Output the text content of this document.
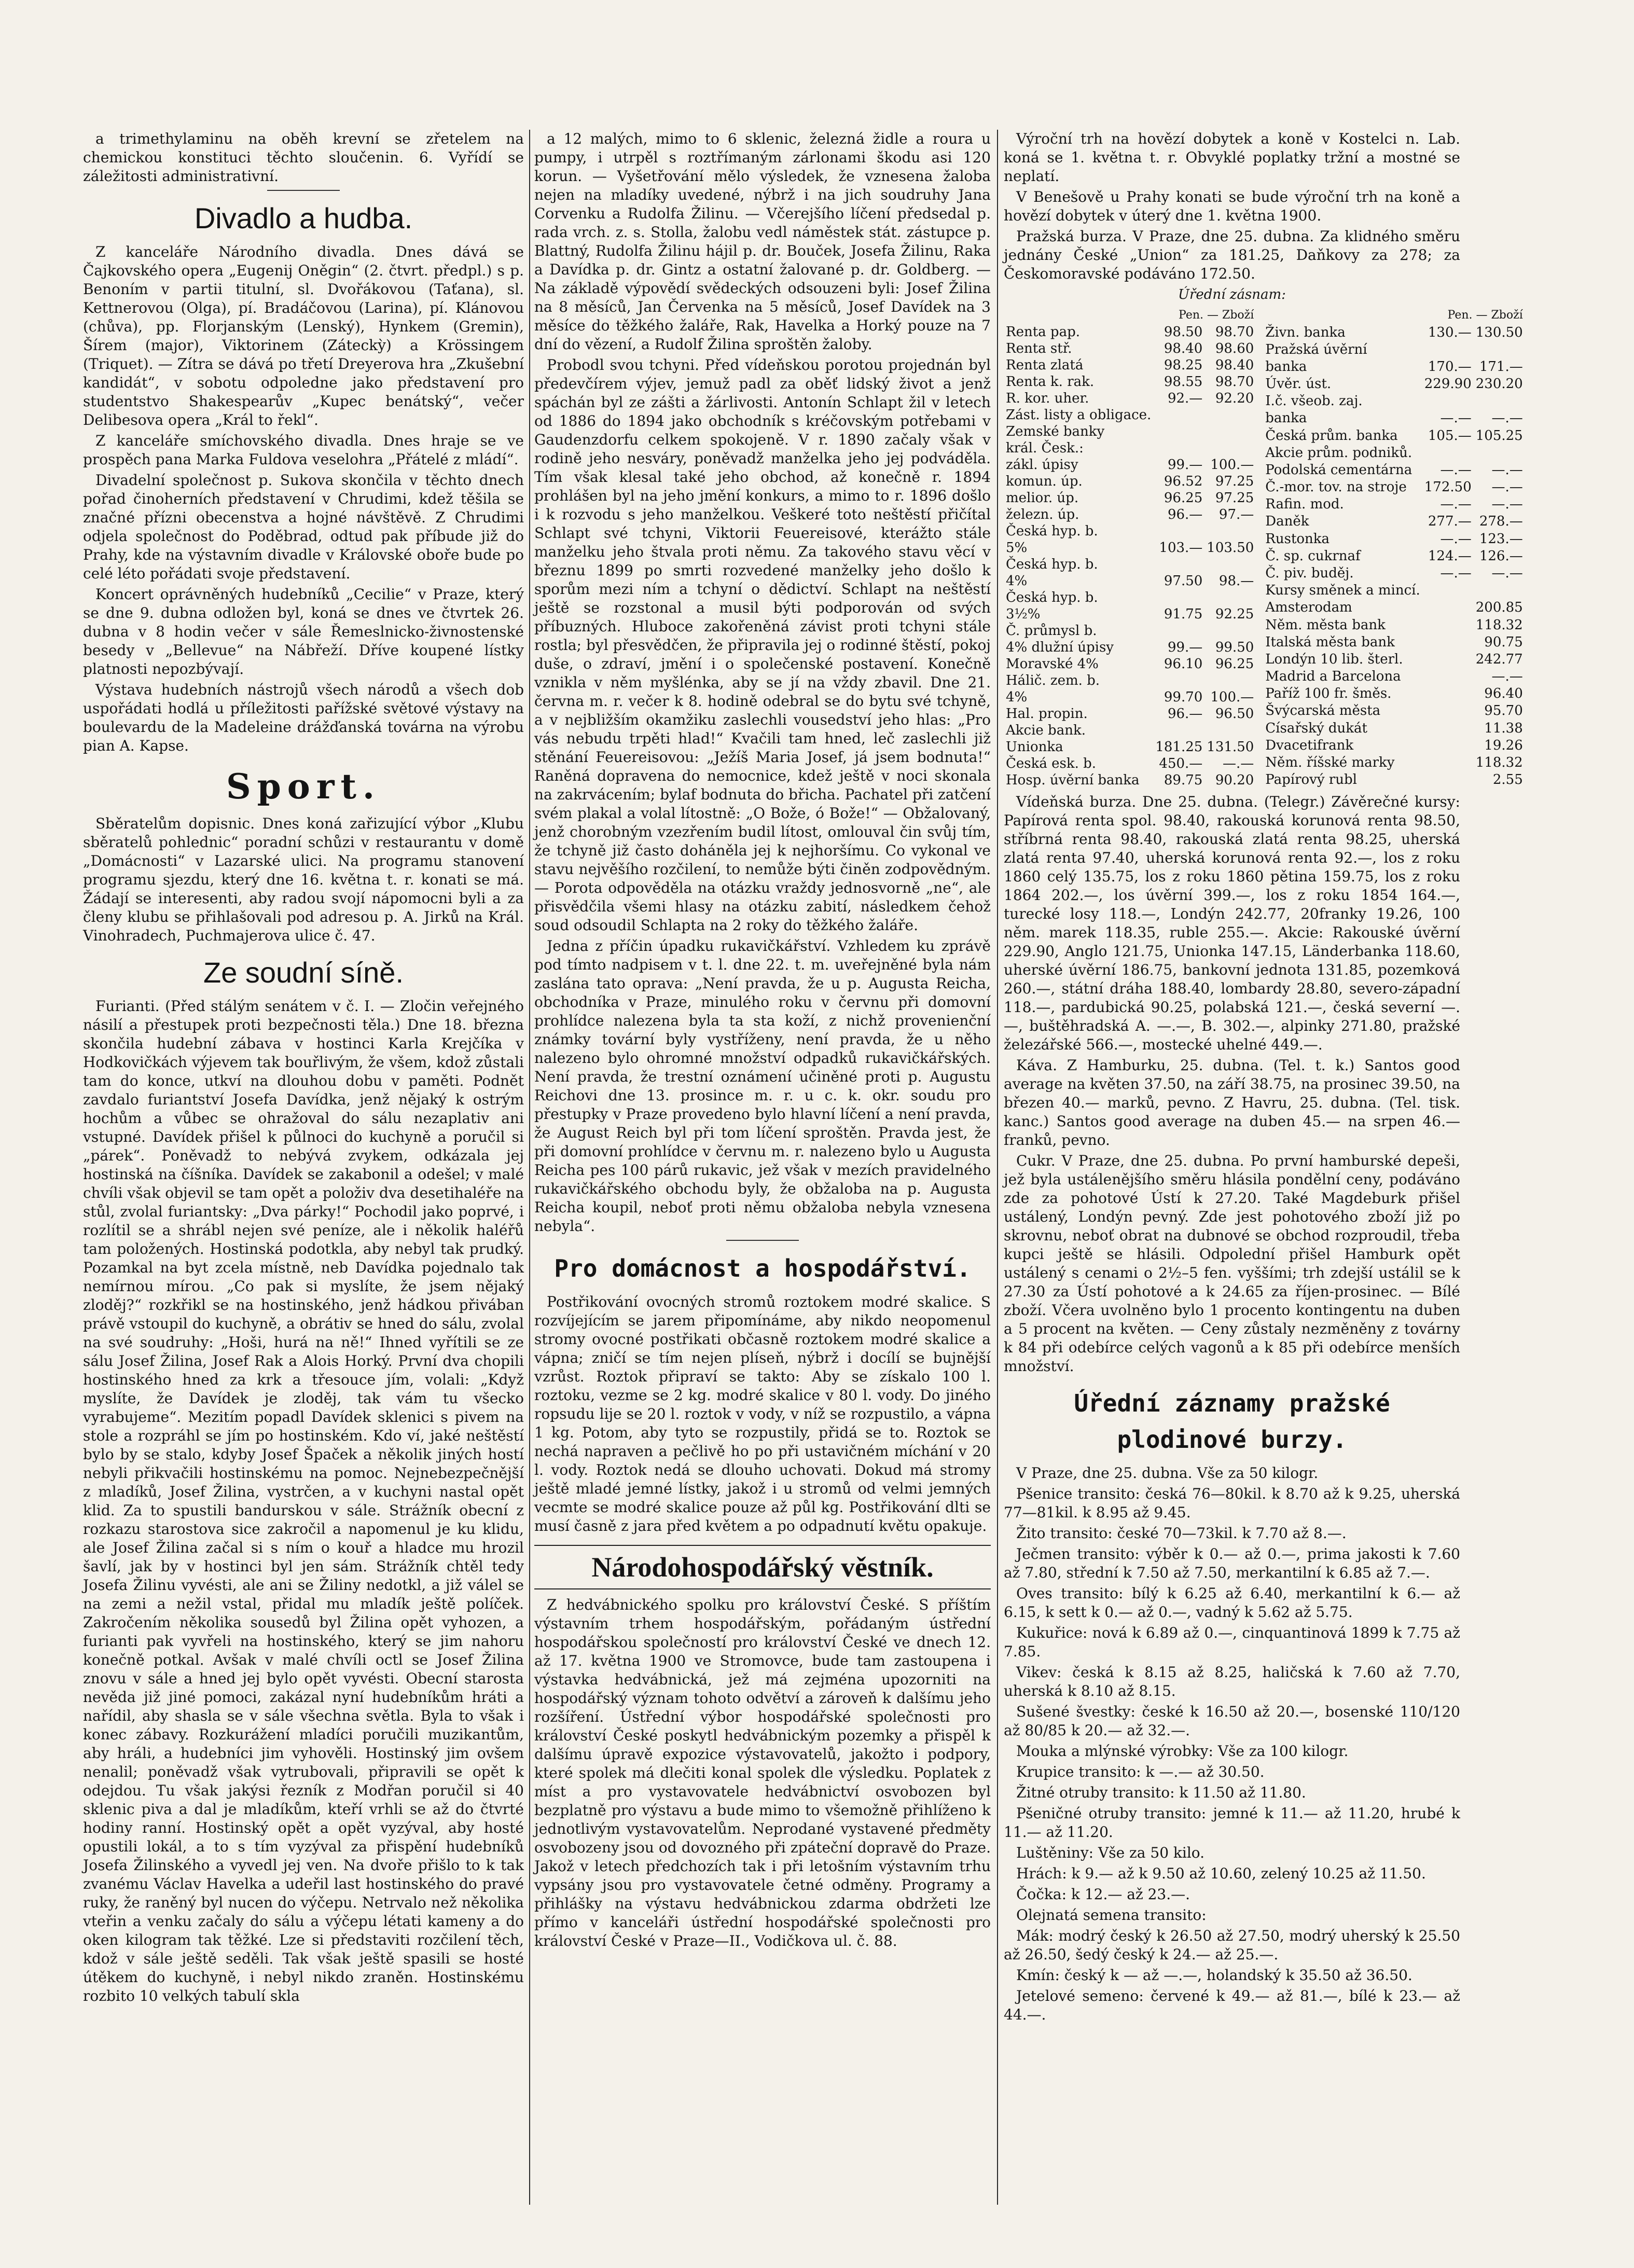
a trimethylaminu na oběh krevní se zřetelem na chemickou konstituci těchto sloučenin. 6. Vyřídí se záležitosti administrativní.

Divadlo a hudba.

Z kanceláře Národního divadla. Dnes dává se Čajkovského opera „Eugenij Oněgin“ (2. čtvrt. předpl.) s p. Benoním v partii titulní, sl. Dvořákovou (Taťana), sl. Kettnerovou (Olga), pí. Bradáčovou (Larina), pí. Klánovou (chůva), pp. Florjanským (Lenský), Hynkem (Gremin), Šírem (major), Viktorinem (Záteckỳ) a Krössingem (Triquet). — Zítra se dává po třetí Dreyerova hra „Zkušební kandidát“, v sobotu odpoledne jako představení pro studentstvo Shakespearův „Kupec benátský“, večer Delibesova opera „Král to řekl“.

Z kanceláře smíchovského divadla. Dnes hraje se ve prospěch pana Marka Fuldova veselohra „Přátelé z mládí“.

Divadelní společnost p. Sukova skončila v těchto dnech pořad činoherních představení v Chrudimi, kdež těšila se značné přízni obecenstva a hojné návštěvě. Z Chrudimi odjela společnost do Poděbrad, odtud pak příbude již do Prahy, kde na výstavním divadle v Královské oboře bude po celé léto pořádati svoje představení.

Koncert oprávněných hudebníků „Cecilie“ v Praze, který se dne 9. dubna odložen byl, koná se dnes ve čtvrtek 26. dubna v 8 hodin večer v sále Řemeslnicko-živnostenské besedy v „Bellevue“ na Nábřeží. Dříve koupené lístky platnosti nepozbývají.

Výstava hudebních nástrojů všech národů a všech dob uspořádati hodlá u příležitosti pařížské světové výstavy na boulevardu de la Madeleine drážďanská továrna na výrobu pian A. Kapse.

Sport.

Sběratelům dopisnic. Dnes koná zařizující výbor „Klubu sběratelů pohlednic“ poradní schůzi v restaurantu v domě „Domácnosti“ v Lazarské ulici. Na programu stanovení programu sjezdu, který dne 16. května t. r. konati se má. Žádají se interesenti, aby radou svojí nápomocni byli a za členy klubu se přihlašovali pod adresou p. A. Jirků na Král. Vinohradech, Puchmajerova ulice č. 47.

Ze soudní síně.

Furianti. (Před stálým senátem v č. I. — Zločin veřejného násilí a přestupek proti bezpečnosti těla.) Dne 18. března skončila hudební zábava v hostinci Karla Krejčíka v Hodkovičkách výjevem tak bouřlivým, že všem, kdož zůstali tam do konce, utkví na dlouhou dobu v paměti. Podnět zavdalo furiantství Josefa Davídka, jenž nějaký k ostrým hochům a vůbec se ohražoval do sálu nezaplativ ani vstupné. Davídek přišel k půlnoci do kuchyně a poručil si „párek“. Poněvadž to nebývá zvykem, odkázala jej hostinská na číšníka. Davídek se zakabonil a odešel; v malé chvíli však objevil se tam opět a položiv dva desetihaléře na stůl, zvolal furiantsky: „Dva párky!“ Pochodil jako poprvé, i rozlítil se a shrábl nejen své peníze, ale i několik haléřů tam položených. Hostinská podotkla, aby nebyl tak prudký. Pozamkal na byt zcela místně, neb Davídka pojednalo tak nemírnou mírou. „Co pak si myslíte, že jsem nějaký zloděj?“ rozkřikl se na hostinského, jenž hádkou přivában právě vstoupil do kuchyně, a obrátiv se hned do sálu, zvolal na své soudruhy: „Hoši, hurá na ně!“ Ihned vyřítili se ze sálu Josef Žilina, Josef Rak a Alois Horký. První dva chopili hostinského hned za krk a třesouce jím, volali: „Když myslíte, že Davídek je zloděj, tak vám tu všecko vyrabujeme“. Mezitím popadl Davídek sklenici s pivem na stole a rozpráhl se jím po hostinském. Kdo ví, jaké neštěstí bylo by se stalo, kdyby Josef Špaček a několik jiných hostí nebyli přikvačili hostinskému na pomoc. Nejnebezpečnější z mladíků, Josef Žilina, vystrčen, a v kuchyni nastal opět klid. Za to spustili bandurskou v sále. Strážník obecní z rozkazu starostova sice zakročil a napomenul je ku klidu, ale Josef Žilina začal si s ním o kouř a hladce mu hrozil šavlí, jak by v hostinci byl jen sám. Strážník chtěl tedy Josefa Žilinu vyvésti, ale ani se Žiliny nedotkl, a již válel se na zemi a nežil vstal, přidal mu mladík ještě políček. Zakročením několika sousedů byl Žilina opět vyhozen, a furianti pak vyvřeli na hostinského, který se jim nahoru konečně potkal. Avšak v malé chvíli octl se Josef Žilina znovu v sále a hned jej bylo opět vyvésti. Obecní starosta nevěda již jiné pomoci, zakázal nyní hudebníkům hráti a nařídil, aby shasla se v sále všechna světla. Byla to však i konec zábavy. Rozkurážení mladíci poručili muzikantům, aby hráli, a hudebníci jim vyhověli. Hostinský jim ovšem nenalil; poněvadž však vytrubovali, připravili se opět k odejdou. Tu však jakýsi řezník z Modřan poručil si 40 sklenic piva a dal je mladíkům, kteří vrhli se až do čtvrté hodiny ranní. Hostinský opět a opět vyzýval, aby hosté opustili lokál, a to s tím vyzýval za přispění hudebníků Josefa Žilinského a vyvedl jej ven. Na dvoře přišlo to k tak zvanému Václav Havelka a udeřil last hostinského do pravé ruky, že raněný byl nucen do výčepu. Netrvalo než několika vteřin a venku začaly do sálu a výčepu létati kameny a do oken kilogram tak těžké. Lze si představiti rozčilení těch, kdož v sále ještě seděli. Tak však ještě spasili se hosté útěkem do kuchyně, i nebyl nikdo zraněn. Hostinskému rozbito 10 velkých tabulí skla

a 12 malých, mimo to 6 sklenic, železná židle a roura u pumpy, i utrpěl s roztřímaným zárlonami škodu asi 120 korun. — Vyšetřování mělo výsledek, že vznesena žaloba nejen na mladíky uvedené, nýbrž i na jich soudruhy Jana Corvenku a Rudolfa Žilinu. — Včerejšího líčení předsedal p. rada vrch. z. s. Stolla, žalobu vedl náměstek stát. zástupce p. Blattný, Rudolfa Žilinu hájil p. dr. Bouček, Josefa Žilinu, Raka a Davídka p. dr. Gintz a ostatní žalované p. dr. Goldberg. — Na základě výpovědí svědeckých odsouzeni byli: Josef Žilina na 8 měsíců, Jan Červenka na 5 měsíců, Josef Davídek na 3 měsíce do těžkého žaláře, Rak, Havelka a Horký pouze na 7 dní do vězení, a Rudolf Žilina sproštěn žaloby.

Probodl svou tchyni. Před vídeňskou porotou projednán byl předevčírem výjev, jemuž padl za oběť lidský život a jenž spáchán byl ze zášti a žárlivosti. Antonín Schlapt žil v letech od 1886 do 1894 jako obchodník s kréčovským potřebami v Gaudenzdorfu celkem spokojeně. V r. 1890 začaly však v rodině jeho nesváry, poněvadž manželka jeho jej podváděla. Tím však klesal také jeho obchod, až konečně r. 1894 prohlášen byl na jeho jmění konkurs, a mimo to r. 1896 došlo i k rozvodu s jeho manželkou. Veškeré toto neštěstí přičítal Schlapt své tchyni, Viktorii Feuereisové, kterážto stále manželku jeho štvala proti němu. Za takového stavu věcí v březnu 1899 po smrti rozvedené manželky jeho došlo k sporům mezi ním a tchyní o dědictví. Schlapt na neštěstí ještě se rozstonal a musil býti podporován od svých příbuzných. Hluboce zakořeněná závist proti tchyni stále rostla; byl přesvědčen, že připravila jej o rodinné štěstí, pokoj duše, o zdraví, jmění i o společenské postavení. Konečně vznikla v něm myšlénka, aby se jí na vždy zbavil. Dne 21. června m. r. večer k 8. hodině odebral se do bytu své tchyně, a v nejbližším okamžiku zaslechli vousedství jeho hlas: „Pro vás nebudu trpěti hlad!“ Kvačili tam hned, leč zaslechli již stěnání Feuereisovou: „Ježíš Maria Josef, já jsem bodnuta!“ Raněná dopravena do nemocnice, kdež ještě v noci skonala na zakrvácením; bylaf bodnuta do břicha. Pachatel při zatčení svém plakal a volal lítostně: „O Bože, ó Bože!“ — Obžalovaný, jenž chorobným vzezřením budil lítost, omlouval čin svůj tím, že tchyně již často doháněla jej k nejhoršímu. Co vykonal ve stavu nejvěšího rozčilení, to nemůže býti činěn zodpovědným. — Porota odpověděla na otázku vraždy jednosvorně „ne“, ale přisvědčila všemi hlasy na otázku zabití, následkem čehož soud odsoudil Schlapta na 2 roky do těžkého žaláře.

Jedna z příčin úpadku rukavičkářství. Vzhledem ku zprávě pod tímto nadpisem v t. l. dne 22. t. m. uveřejněné byla nám zaslána tato oprava: „Není pravda, že u p. Augusta Reicha, obchodníka v Praze, minulého roku v červnu při domovní prohlídce nalezena byla ta sta koží, z nichž provenienční známky tovární byly vystříženy, není pravda, že u něho nalezeno bylo ohromné množství odpadků rukavičkářských. Není pravda, že trestní oznámení učiněné proti p. Augustu Reichovi dne 13. prosince m. r. u c. k. okr. soudu pro přestupky v Praze provedeno bylo hlavní líčení a není pravda, že August Reich byl při tom líčení sproštěn. Pravda jest, že při domovní prohlídce v červnu m. r. nalezeno bylo u Augusta Reicha pes 100 párů rukavic, jež však v mezích pravidelného rukavičkářského obchodu byly, že obžaloba na p. Augusta Reicha koupil, neboť proti němu obžaloba nebyla vznesena nebyla“.

Pro domácnost a hospodářství.

Postřikování ovocných stromů roztokem modré skalice. S rozvíjejícím se jarem připomínáme, aby nikdo neopomenul stromy ovocné postřikati občasně roztokem modré skalice a vápna; zničí se tím nejen plíseň, nýbrž i docílí se bujnější vzrůst. Roztok připraví se takto: Aby se získalo 100 l. roztoku, vezme se 2 kg. modré skalice v 80 l. vody. Do jiného ropsudu lije se 20 l. roztok v vody, v níž se rozpustilo, a vápna 1 kg. Potom, aby tyto se rozpustily, přidá se to. Roztok se nechá napraven a pečlivě ho po při ustavičném míchání v 20 l. vody. Roztok nedá se dlouho uchovati. Dokud má stromy ještě mladé jemné lístky, jakož i u stromů od velmi jemných vecmte se modré skalice pouze až půl kg. Postřikování dlti se musí časně z jara před květem a po odpadnutí květu opakuje.

Národohospodářský věstník.

Z hedvábnického spolku pro království České. S příštím výstavním trhem hospodářským, pořádaným ústřední hospodářskou společností pro království České ve dnech 12. až 17. května 1900 ve Stromovce, bude tam zastoupena i výstavka hedvábnická, jež má zejména upozorniti na hospodářský význam tohoto odvětví a zároveň k dalšímu jeho rozšíření. Ústřední výbor hospodářské společnosti pro království České poskytl hedvábnickým pozemky a přispěl k dalšímu úpravě expozice výstavovatelů, jakožto i podpory, které spolek má dlečiti konal spolek dle výsledku. Poplatek z míst a pro vystavovatele hedvábnictví osvobozen byl bezplatně pro výstavu a bude mimo to všemožně přihlíženo k jednotlivým vystavovatelům. Neprodané vystavené předměty osvobozeny jsou od dovozného při zpáteční dopravě do Praze. Jakož v letech předchozích tak i při letošním výstavním trhu vypsány jsou pro vystavovatele četné odměny. Programy a přihlášky na výstavu hedvábnickou zdarma obdržeti lze přímo v kanceláři ústřední hospodářské společnosti pro království České v Praze—II., Vodičkova ul. č. 88.

Výroční trh na hovězí dobytek a koně v Kostelci n. Lab. koná se 1. května t. r. Obvyklé poplatky tržní a mostné se neplatí.

V Benešově u Prahy konati se bude výroční trh na koně a hovězí dobytek v úterý dne 1. května 1900.

Pražská burza. V Praze, dne 25. dubna. Za klidného směru jednány České „Union“ za 181.25, Daňkovy za 278; za Českomoravské podáváno 172.50.

Úřední zásnam:
Pen. — Zboží		
Renta pap.	98.50	98.70
Renta stř.	98.40	98.60
Renta zlatá	98.25	98.40
Renta k. rak.	98.55	98.70
R. kor. uher.	92.—	92.20
Zást. listy a obligace.		
Zemské banky		
král. Česk.:		
zákl. úpisy	99.—	100.—
komun. úp.	96.52	97.25
melior. úp.	96.25	97.25
železn. úp.	96.—	97.—
Česká hyp. b.		
5%	103.—	103.50
Česká hyp. b.		
4%	97.50	98.—
Česká hyp. b.		
3½%	91.75	92.25
Č. průmysl b.		
4% dlužní úpisy	99.—	99.50
Moravské 4%	96.10	96.25
Hálič. zem. b.		
4%	99.70	100.—
Hal. propin.	96.—	96.50
Akcie bank.		
Unionka	181.25	131.50
Česká esk. b.	450.—	—.—
Hosp. úvěrní banka	89.75	90.20
Pen. — Zboží		
Živn. banka	130.—	130.50
Pražská úvěrní		
banka	170.—	171.—
Úvěr. úst.	229.90	230.20
I.č. všeob. zaj.		
banka	—.—	—.—
Česká prům. banka	105.—	105.25
Akcie prům. podniků.		
Podolská cementárna	—.—	—.—
Č.-mor. tov. na stroje	172.50	—.—
Rafin. mod.	—.—	—.—
Daněk	277.—	278.—
Rustonka	—.—	123.—
Č. sp. cukrnaf	124.—	126.—
Č. piv. buděj.	—.—	—.—
Kursy směnek a mincí.		
Amsterodam		200.85
Něm. města bank		118.32
Italská města bank		90.75
Londýn 10 lib. šterl.		242.77
Madrid a Barcelona		—.—
Paříž 100 fr. šměs.		96.40
Švýcarská města		95.70
Císařský dukát		11.38
Dvacetifrank		19.26
Něm. říšské marky		118.32
Papírový rubl		2.55

Vídeňská burza. Dne 25. dubna. (Telegr.) Závěrečné kursy: Papírová renta spol. 98.40, rakouská korunová renta 98.50, stříbrná renta 98.40, rakouská zlatá renta 98.25, uherská zlatá renta 97.40, uherská korunová renta 92.—, los z roku 1860 celý 135.75, los z roku 1860 pětina 159.75, los z roku 1864 202.—, los úvěrní 399.—, los z roku 1854 164.—, turecké losy 118.—, Londýn 242.77, 20franky 19.26, 100 něm. marek 118.35, ruble 255.—. Akcie: Rakouské úvěrní 229.90, Anglo 121.75, Unionka 147.15, Länderbanka 118.60, uherské úvěrní 186.75, bankovní jednota 131.85, pozemková 260.—, státní dráha 188.40, lombardy 28.80, severo-západní 118.—, pardubická 90.25, polabská 121.—, česká severní —.—, buštěhradská A. —.—, B. 302.—, alpinky 271.80, pražské železářské 566.—, mostecké uhelné 449.—.

Káva. Z Hamburku, 25. dubna. (Tel. t. k.) Santos good average na květen 37.50, na září 38.75, na prosinec 39.50, na březen 40.— marků, pevno. Z Havru, 25. dubna. (Tel. tisk. kanc.) Santos good average na duben 45.— na srpen 46.— franků, pevno.

Cukr. V Praze, dne 25. dubna. Po první hamburské depeši, jež byla ustálenějšího směru hlásila pondělní ceny, podáváno zde za pohotové Ústí k 27.20. Také Magdeburk přišel ustálený, Londýn pevný. Zde jest pohotového zboží již po skrovnu, neboť obrat na dubnové se obchod rozproudil, třeba kupci ještě se hlásili. Odpolední přišel Hamburk opět ustálený s cenami o 2½–5 fen. vyššími; trh zdejší ustálil se k 27.30 za Ústí pohotové a k 24.65 za říjen-prosinec. — Bílé zboží. Včera uvolněno bylo 1 procento kontingentu na duben a 5 procent na květen. — Ceny zůstaly nezměněny z továrny k 84 při odebírce celých vagonů a k 85 při odebírce menších množství.

Úřední záznamy pražské plodinové burzy.

V Praze, dne 25. dubna. Vše za 50 kilogr.

Pšenice transito: česká 76—80kil. k 8.70 až k 9.25, uherská 77—81kil. k 8.95 až 9.45.

Žito transito: české 70—73kil. k 7.70 až 8.—.

Ječmen transito: výběr k 0.— až 0.—, prima jakosti k 7.60 až 7.80, střední k 7.50 až 7.50, merkantilní k 6.85 až 7.—.

Oves transito: bílý k 6.25 až 6.40, merkantilní k 6.— až 6.15, k sett k 0.— až 0.—, vadný k 5.62 až 5.75.

Kukuřice: nová k 6.89 až 0.—, cinquantinová 1899 k 7.75 až 7.85.

Vikev: česká k 8.15 až 8.25, haličská k 7.60 až 7.70, uherská k 8.10 až 8.15.

Sušené švestky: české k 16.50 až 20.—, bosenské 110/120 až 80/85 k 20.— až 32.—.

Mouka a mlýnské výrobky: Vše za 100 kilogr.

Krupice transito: k —.— až 30.50.

Žitné otruby transito: k 11.50 až 11.80.

Pšeničné otruby transito: jemné k 11.— až 11.20, hrubé k 11.— až 11.20.

Luštěniny: Vše za 50 kilo.

Hrách: k 9.— až k 9.50 až 10.60, zelený 10.25 až 11.50.

Čočka: k 12.— až 23.—.

Olejnatá semena transito:

Mák: modrý český k 26.50 až 27.50, modrý uherský k 25.50 až 26.50, šedý český k 24.— až 25.—.

Kmín: český k — až —.—, holandský k 35.50 až 36.50.

Jetelové semeno: červené k 49.— až 81.—, bílé k 23.— až 44.—.
